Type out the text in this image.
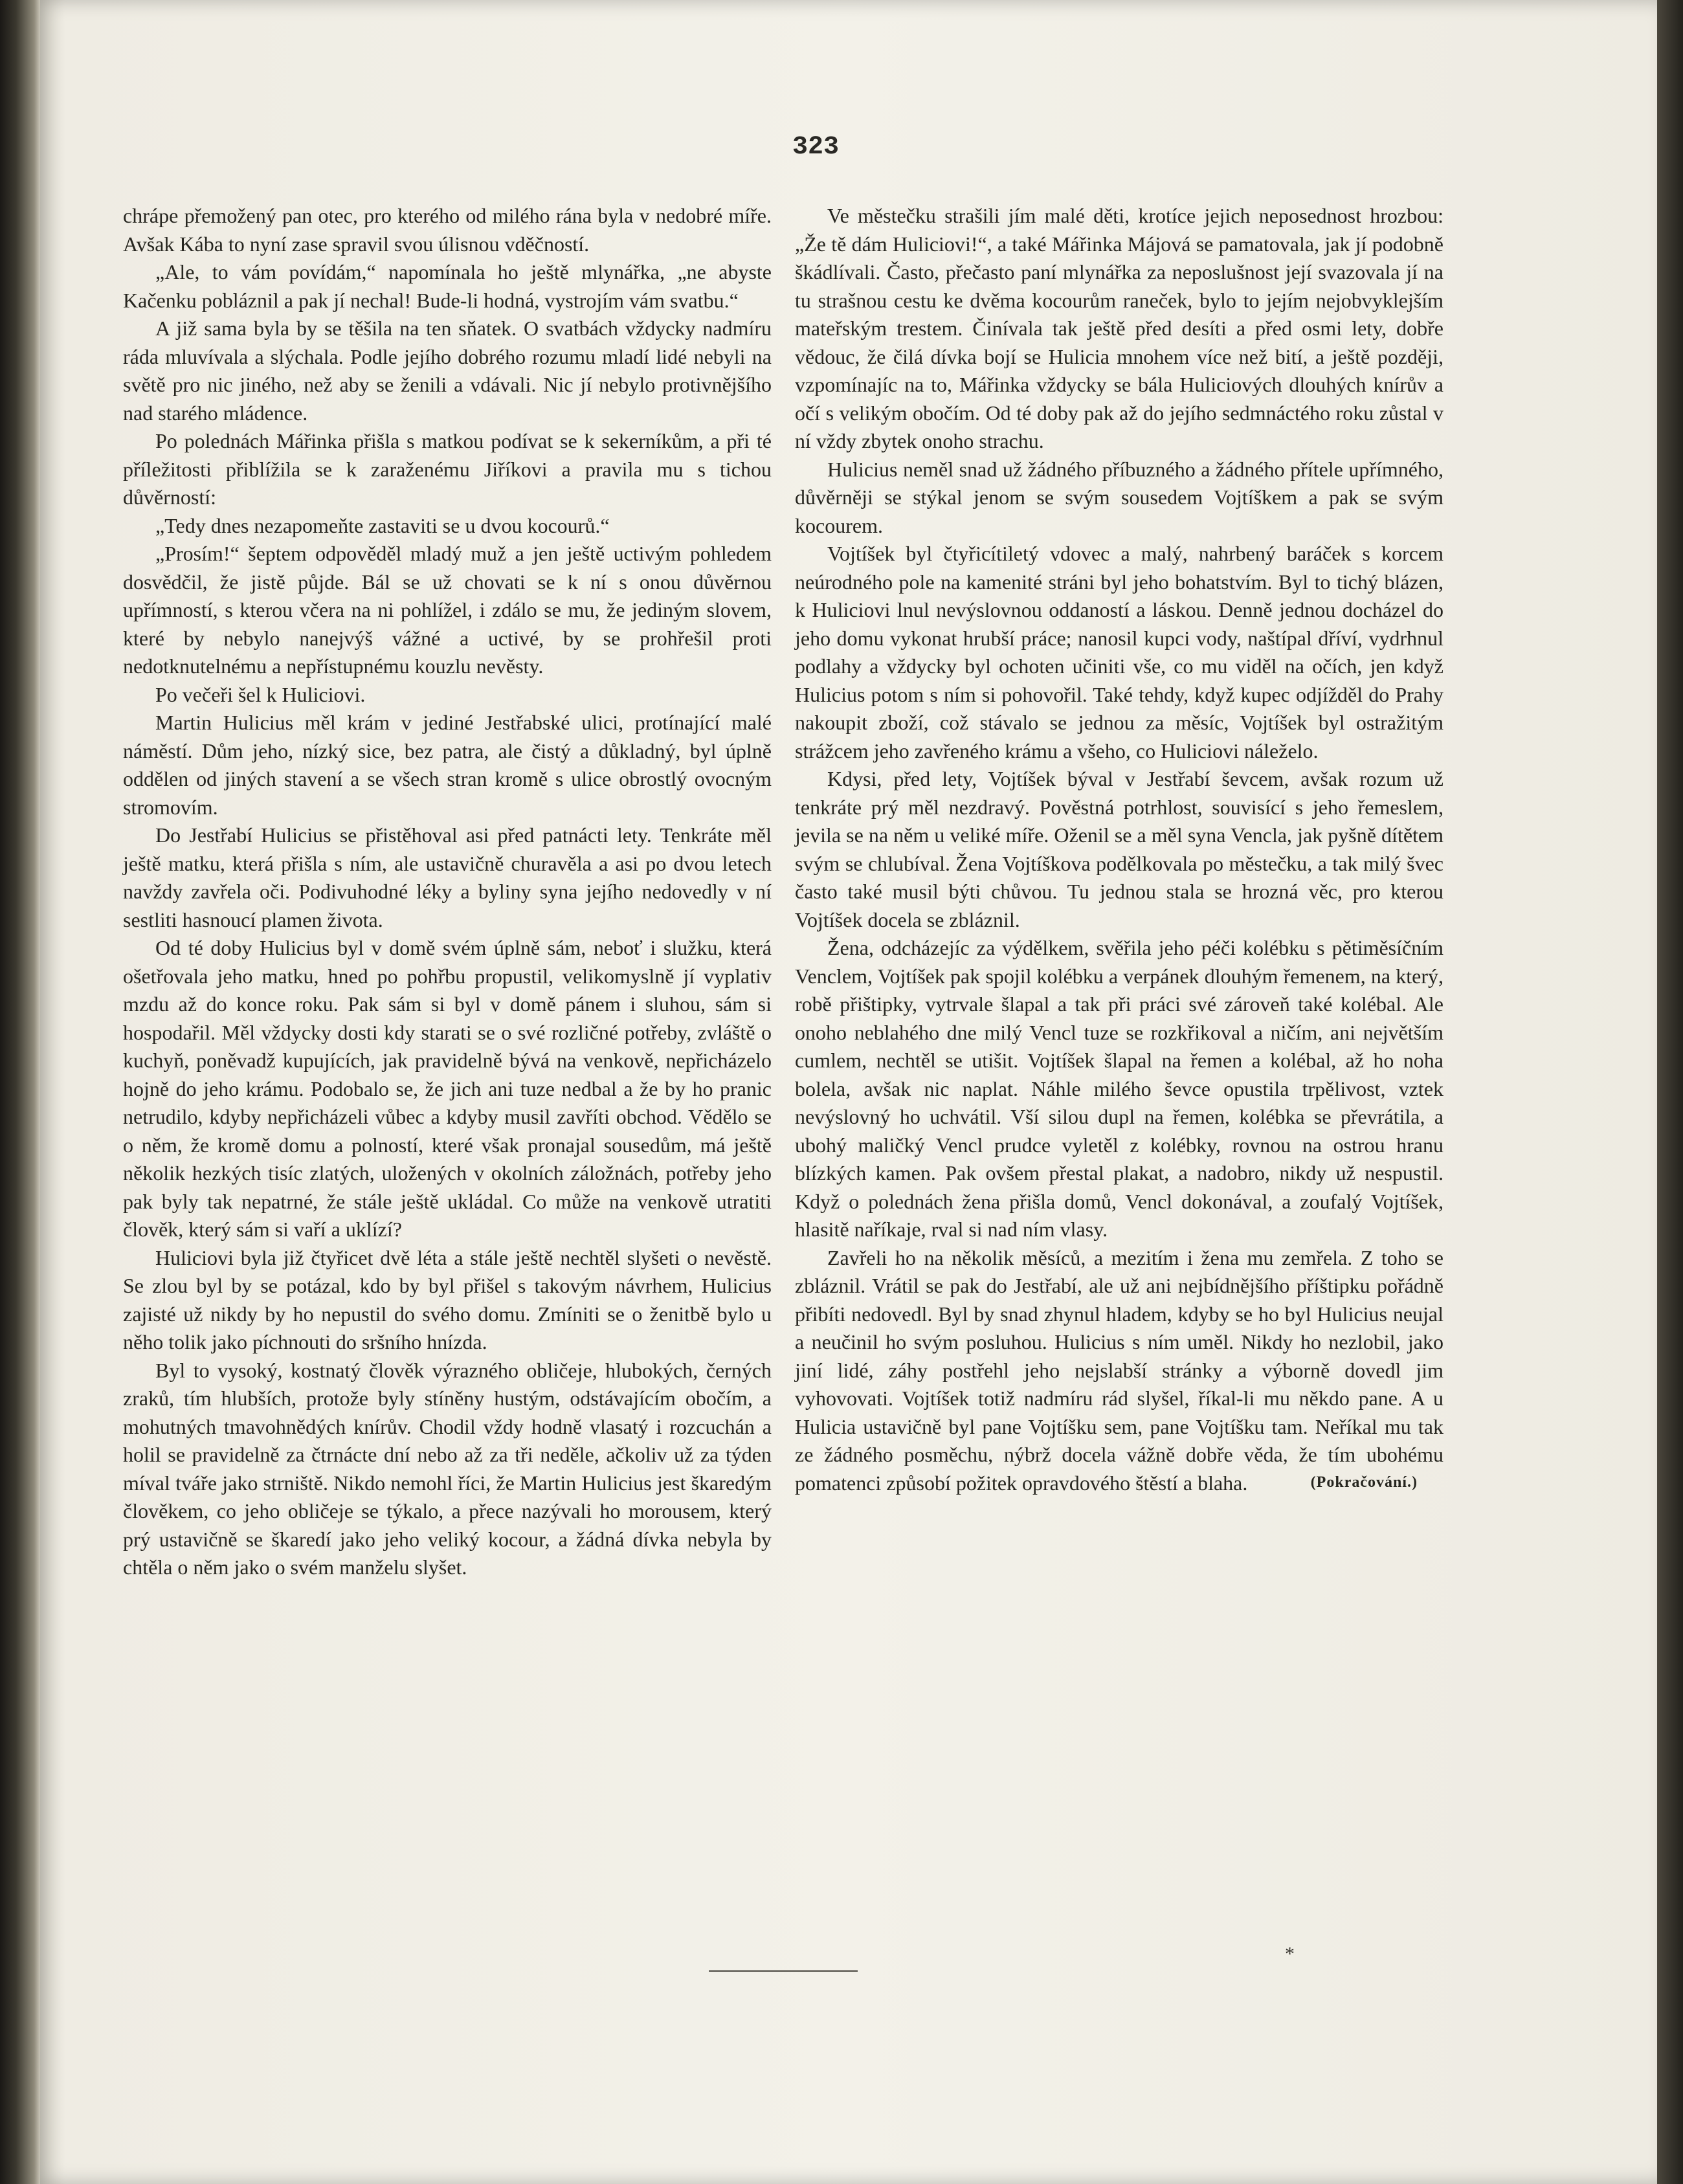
323

chrápe přemožený pan otec, pro kterého od milého rána byla v nedobré míře. Avšak Kába to nyní zase spravil svou úlisnou vděčností.

„Ale, to vám povídám,“ napomínala ho ještě mlynářka, „ne abyste Kačenku pobláznil a pak jí nechal! Bude-li hodná, vystrojím vám svatbu.“

A již sama byla by se těšila na ten sňatek. O svatbách vždycky nadmíru ráda mluvívala a slýchala. Podle jejího dobrého rozumu mladí lidé nebyli na světě pro nic jiného, než aby se ženili a vdávali. Nic jí nebylo protivnějšího nad starého mládence.

Po polednách Mářinka přišla s matkou podívat se k sekerníkům, a při té příležitosti přiblížila se k zaraženému Jiříkovi a pravila mu s tichou důvěrností:

„Tedy dnes nezapomeňte zastaviti se u dvou kocourů.“

„Prosím!“ šeptem odpověděl mladý muž a jen ještě uctivým pohledem dosvědčil, že jistě půjde. Bál se už chovati se k ní s onou důvěrnou upřímností, s kterou včera na ni pohlížel, i zdálo se mu, že jediným slovem, které by nebylo nanejvýš vážné a uctivé, by se prohřešil proti nedotknutelnému a nepřístupnému kouzlu nevěsty.

Po večeři šel k Huliciovi.

Martin Hulicius měl krám v jediné Jestřabské ulici, protínající malé náměstí. Dům jeho, nízký sice, bez patra, ale čistý a důkladný, byl úplně oddělen od jiných stavení a se všech stran kromě s ulice obrostlý ovocným stromovím.

Do Jestřabí Hulicius se přistěhoval asi před patnácti lety. Tenkráte měl ještě matku, která přišla s ním, ale ustavičně churavěla a asi po dvou letech navždy zavřela oči. Podivuhodné léky a byliny syna jejího nedovedly v ní sestliti hasnoucí plamen života.

Od té doby Hulicius byl v domě svém úplně sám, neboť i služku, která ošetřovala jeho matku, hned po pohřbu propustil, velikomyslně jí vyplativ mzdu až do konce roku. Pak sám si byl v domě pánem i sluhou, sám si hospodařil. Měl vždycky dosti kdy starati se o své rozličné potřeby, zvláště o kuchyň, poněvadž kupujících, jak pravidelně bývá na venkově, nepřicházelo hojně do jeho krámu. Podobalo se, že jich ani tuze nedbal a že by ho pranic netrudilo, kdyby nepřicházeli vůbec a kdyby musil zavříti obchod. Vědělo se o něm, že kromě domu a polností, které však pronajal sousedům, má ještě několik hezkých tisíc zlatých, uložených v okolních záložnách, potřeby jeho pak byly tak nepatrné, že stále ještě ukládal. Co může na venkově utratiti člověk, který sám si vaří a uklízí?

Huliciovi byla již čtyřicet dvě léta a stále ještě nechtěl slyšeti o nevěstě. Se zlou byl by se potázal, kdo by byl přišel s takovým návrhem, Hulicius zajisté už nikdy by ho nepustil do svého domu. Zmíniti se o ženitbě bylo u něho tolik jako píchnouti do sršního hnízda.

Byl to vysoký, kostnatý člověk výrazného obličeje, hlubokých, černých zraků, tím hlubších, protože byly stíněny hustým, odstávajícím obočím, a mohutných tmavohnědých knírův. Chodil vždy hodně vlasatý i rozcuchán a holil se pravidelně za čtrnácte dní nebo až za tři neděle, ačkoliv už za týden míval tváře jako strniště. Nikdo nemohl říci, že Martin Hulicius jest škaredým člověkem, co jeho obličeje se týkalo, a přece nazývali ho morousem, který prý ustavičně se škaredí jako jeho veliký kocour, a žádná dívka nebyla by chtěla o něm jako o svém manželu slyšet.

Ve městečku strašili jím malé děti, krotíce jejich neposednost hrozbou: „Že tě dám Huliciovi!“, a také Mářinka Májová se pamatovala, jak jí podobně škádlívali. Často, přečasto paní mlynářka za neposlušnost její svazovala jí na tu strašnou cestu ke dvěma kocourům raneček, bylo to jejím nejobvyklejším mateřským trestem. Činívala tak ještě před desíti a před osmi lety, dobře vědouc, že čilá dívka bojí se Hulicia mnohem více než bití, a ještě později, vzpomínajíc na to, Mářinka vždycky se bála Huliciových dlouhých knírův a očí s velikým obočím. Od té doby pak až do jejího sedmnáctého roku zůstal v ní vždy zbytek onoho strachu.

Hulicius neměl snad už žádného příbuzného a žádného přítele upřímného, důvěrněji se stýkal jenom se svým sousedem Vojtíškem a pak se svým kocourem.

Vojtíšek byl čtyřicítiletý vdovec a malý, nahrbený baráček s korcem neúrodného pole na kamenité stráni byl jeho bohatstvím. Byl to tichý blázen, k Huliciovi lnul nevýslovnou oddaností a láskou. Denně jednou docházel do jeho domu vykonat hrubší práce; nanosil kupci vody, naštípal dříví, vydrhnul podlahy a vždycky byl ochoten učiniti vše, co mu viděl na očích, jen když Hulicius potom s ním si pohovořil. Také tehdy, když kupec odjížděl do Prahy nakoupit zboží, což stávalo se jednou za měsíc, Vojtíšek byl ostražitým strážcem jeho zavřeného krámu a všeho, co Huliciovi náleželo.

Kdysi, před lety, Vojtíšek býval v Jestřabí ševcem, avšak rozum už tenkráte prý měl nezdravý. Pověstná potrhlost, souvisící s jeho řemeslem, jevila se na něm u veliké míře. Oženil se a měl syna Vencla, jak pyšně dítětem svým se chlubíval. Žena Vojtíškova podělkovala po městečku, a tak milý švec často také musil býti chůvou. Tu jednou stala se hrozná věc, pro kterou Vojtíšek docela se zbláznil.

Žena, odcházejíc za výdělkem, svěřila jeho péči kolébku s pětiměsíčním Venclem, Vojtíšek pak spojil kolébku a verpánek dlouhým řemenem, na který, robě přištipky, vytrvale šlapal a tak při práci své zároveň také kolébal. Ale onoho neblahého dne milý Vencl tuze se rozkřikoval a ničím, ani největším cumlem, nechtěl se utišit. Vojtíšek šlapal na řemen a kolébal, až ho noha bolela, avšak nic naplat. Náhle milého ševce opustila trpělivost, vztek nevýslovný ho uchvátil. Vší silou dupl na řemen, kolébka se převrátila, a ubohý maličký Vencl prudce vyletěl z kolébky, rovnou na ostrou hranu blízkých kamen. Pak ovšem přestal plakat, a nadobro, nikdy už nespustil. Když o polednách žena přišla domů, Vencl dokonával, a zoufalý Vojtíšek, hlasitě naříkaje, rval si nad ním vlasy.

Zavřeli ho na několik měsíců, a mezitím i žena mu zemřela. Z toho se zbláznil. Vrátil se pak do Jestřabí, ale už ani nejbídnějšího příštipku pořádně přibíti nedovedl. Byl by snad zhynul hladem, kdyby se ho byl Hulicius neujal a neučinil ho svým posluhou. Hulicius s ním uměl. Nikdy ho nezlobil, jako jiní lidé, záhy postřehl jeho nejslabší stránky a výborně dovedl jim vyhovovati. Vojtíšek totiž nadmíru rád slyšel, říkal-li mu někdo pane. A u Hulicia ustavičně byl pane Vojtíšku sem, pane Vojtíšku tam. Neříkal mu tak ze žádného posměchu, nýbrž docela vážně dobře věda, že tím ubohému pomatenci způsobí požitek opravdového štěstí a blaha.	(Pokračování.)
*
